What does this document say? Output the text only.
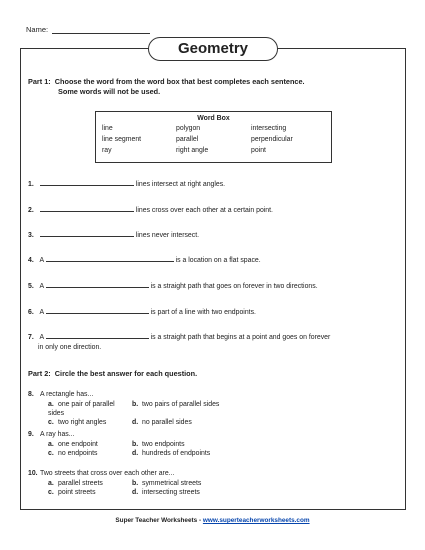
Name:
Geometry
Part 1: Choose the word from the word box that best completes each sentence.
Some words will not be used.
Word Box
line	polygon	intersecting
line segment	parallel	perpendicular
ray	right angle	point
1.	lines intersect at right angles.
2.	lines cross over each other at a certain point.
3.	lines never intersect.
4. A	is a location on a flat space.
5. A	is a straight path that goes on forever in two directions.
6. A	is part of a line with two endpoints.
7. A	is a straight path that begins at a point and goes on forever
in only one direction.
Part 2: Circle the best answer for each question.
8. A rectangle has...
a. one pair of parallel sides
b. two pairs of parallel sides
c. two right angles	d. no parallel sides
9. A ray has...
a. one endpoint	b. two endpoints
c. no endpoints	d. hundreds of endpoints
10. Two streets that cross over each other are...
a. parallel streets	b. symmetrical streets
c. point streets	d. intersecting streets
Super Teacher Worksheets - www.superteacherworksheets.com
